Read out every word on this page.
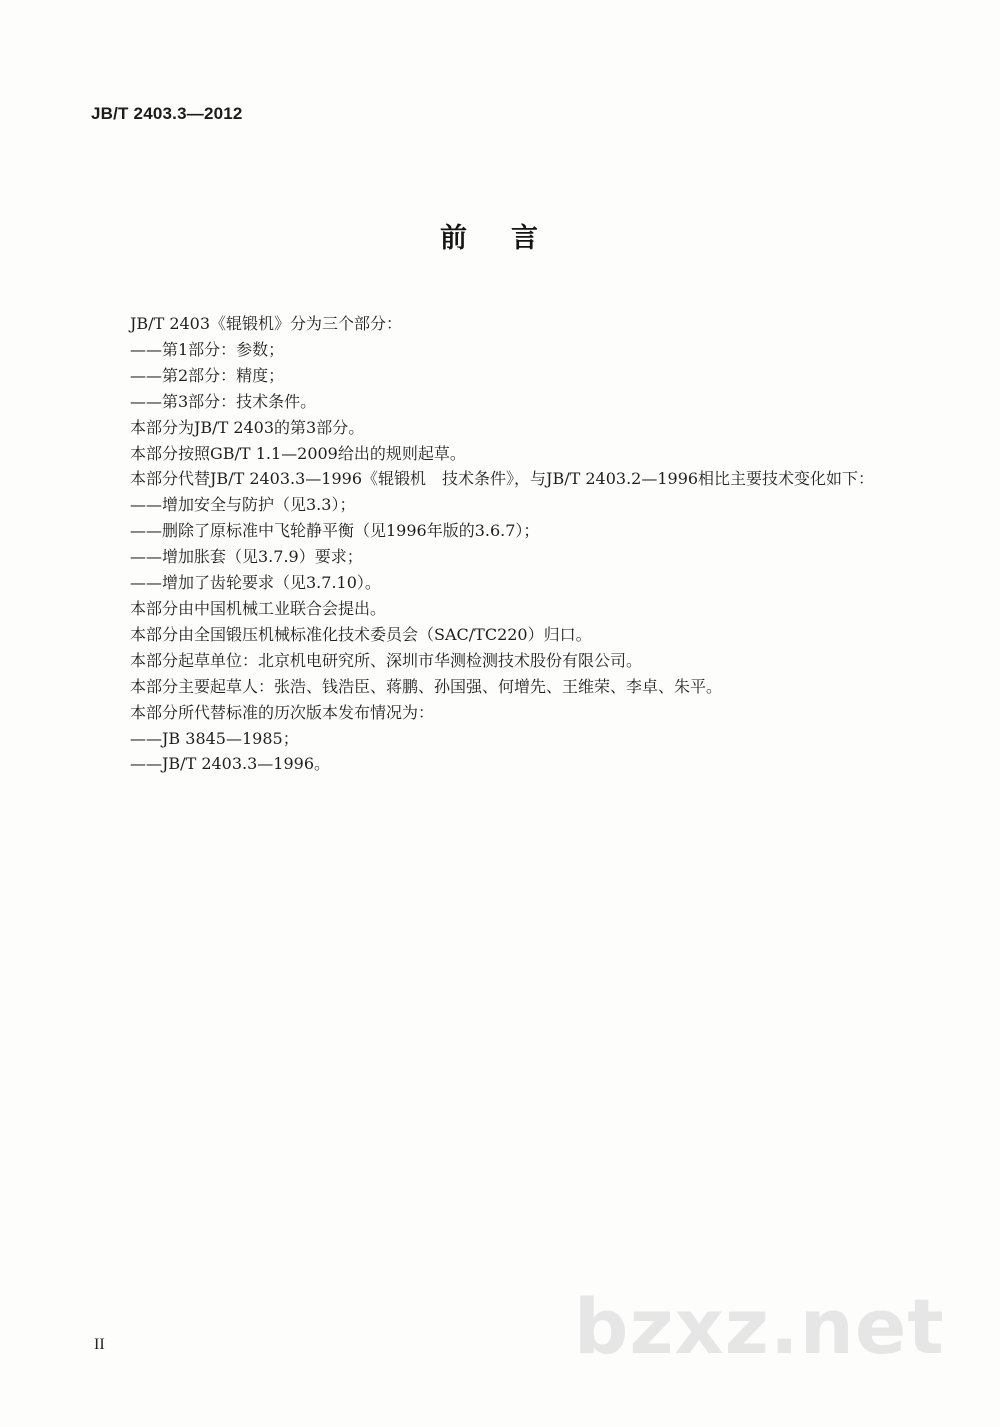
JB/T 2403.3—2012
前言
JB/T 2403《辊锻机》分为三个部分：
——第1部分：参数；
——第2部分：精度；
——第3部分：技术条件。
本部分为JB/T 2403的第3部分。
本部分按照GB/T 1.1—2009给出的规则起草。
本部分代替JB/T 2403.3—1996《辊锻机　技术条件》，与JB/T 2403.2—1996相比主要技术变化如下：
——增加安全与防护（见3.3）；
——删除了原标准中飞轮静平衡（见1996年版的3.6.7）；
——增加胀套（见3.7.9）要求；
——增加了齿轮要求（见3.7.10）。
本部分由中国机械工业联合会提出。
本部分由全国锻压机械标准化技术委员会（SAC/TC220）归口。
本部分起草单位：北京机电研究所、深圳市华测检测技术股份有限公司。
本部分主要起草人：张浩、钱浩臣、蒋鹏、孙国强、何增先、王维荣、李卓、朱平。
本部分所代替标准的历次版本发布情况为：
——JB 3845—1985；
——JB/T 2403.3—1996。
II	bzxz.net
